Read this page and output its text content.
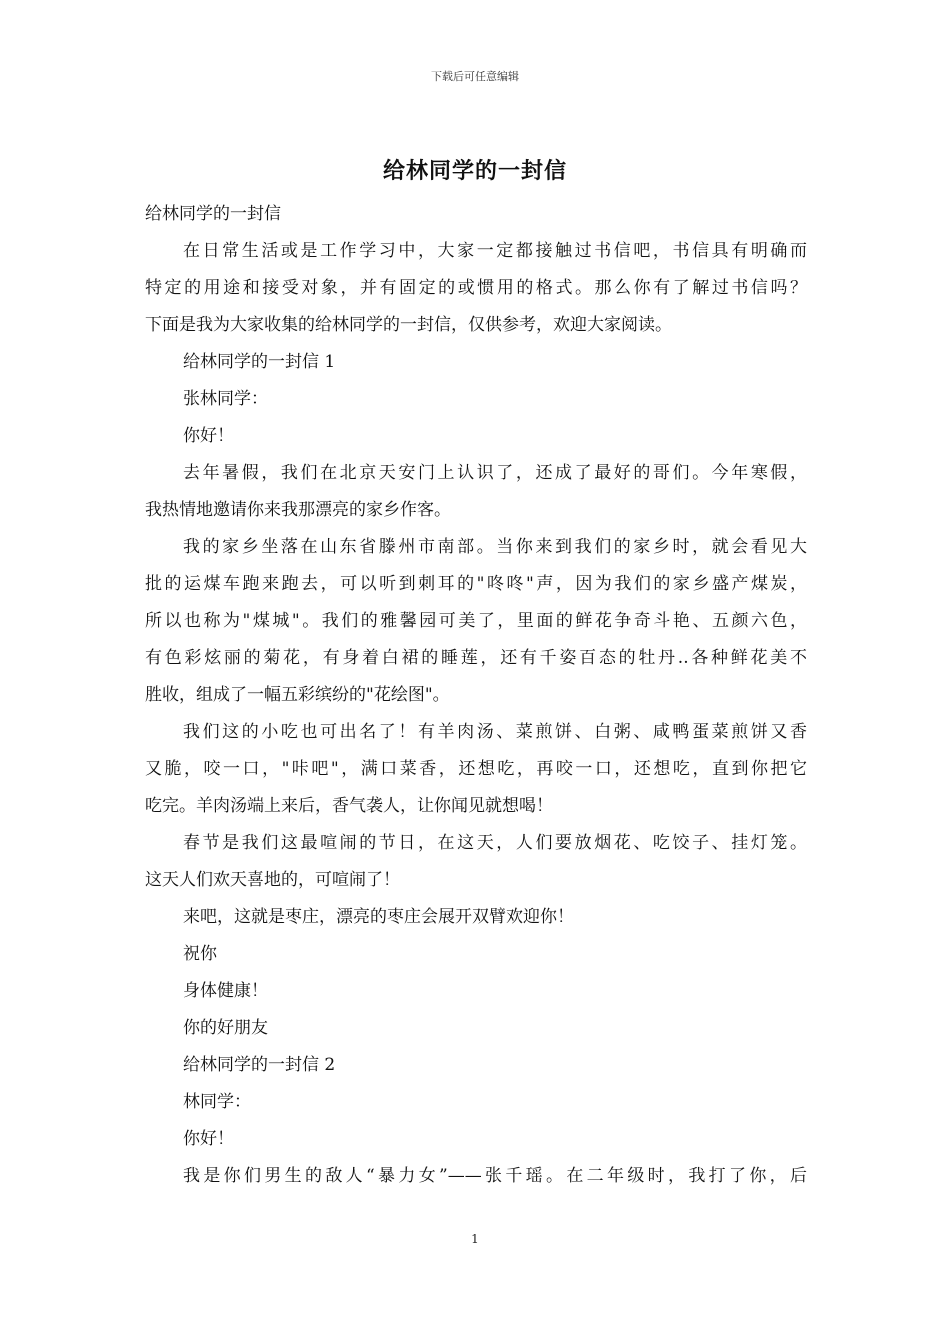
下载后可任意编辑
给林同学的一封信
给林同学的一封信
在日常生活或是工作学习中，大家一定都接触过书信吧，书信具有明确而
特定的用途和接受对象，并有固定的或惯用的格式。那么你有了解过书信吗？
下面是我为大家收集的给林同学的一封信，仅供参考，欢迎大家阅读。
给林同学的一封信 1
张林同学：
你好！
去年暑假，我们在北京天安门上认识了，还成了最好的哥们。今年寒假，
我热情地邀请你来我那漂亮的家乡作客。
我的家乡坐落在山东省滕州市南部。当你来到我们的家乡时，就会看见大
批的运煤车跑来跑去，可以听到刺耳的"咚咚"声，因为我们的家乡盛产煤炭，
所以也称为"煤城"。我们的雅馨园可美了，里面的鲜花争奇斗艳、五颜六色，
有色彩炫丽的菊花，有身着白裙的睡莲，还有千姿百态的牡丹..各种鲜花美不
胜收，组成了一幅五彩缤纷的"花绘图"。
我们这的小吃也可出名了！有羊肉汤、菜煎饼、白粥、咸鸭蛋菜煎饼又香
又脆，咬一口，"咔吧"，满口菜香，还想吃，再咬一口，还想吃，直到你把它
吃完。羊肉汤端上来后，香气袭人，让你闻见就想喝！
春节是我们这最喧闹的节日，在这天，人们要放烟花、吃饺子、挂灯笼。
这天人们欢天喜地的，可喧闹了！
来吧，这就是枣庄，漂亮的枣庄会展开双臂欢迎你！
祝你
身体健康！
你的好朋友
给林同学的一封信 2
林同学：
你好！
我是你们男生的敌人“暴力女”——张千瑶。在二年级时，我打了你，后
1
